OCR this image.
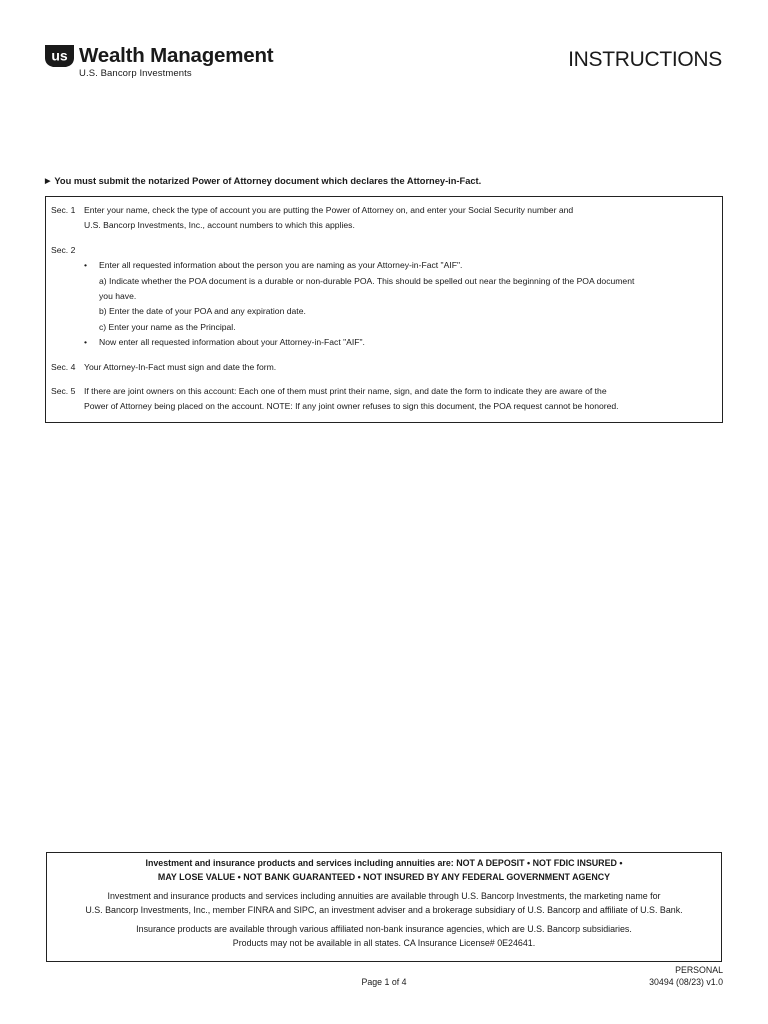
us Wealth Management
U.S. Bancorp Investments
INSTRUCTIONS
▶ You must submit the notarized Power of Attorney document which declares the Attorney-in-Fact.
Sec. 1	Enter your name, check the type of account you are putting the Power of Attorney on, and enter your Social Security number and
U.S. Bancorp Investments, Inc., account numbers to which this applies.
Sec. 2
•	Enter all requested information about the person you are naming as your Attorney-in-Fact "AIF".
a) Indicate whether the POA document is a durable or non-durable POA. This should be spelled out near the beginning of the POA document
you have.
b) Enter the date of your POA and any expiration date.
c) Enter your name as the Principal.
•	Now enter all requested information about your Attorney-in-Fact "AIF".
Sec. 4	Your Attorney-In-Fact must sign and date the form.
Sec. 5	If there are joint owners on this account: Each one of them must print their name, sign, and date the form to indicate they are aware of the
Power of Attorney being placed on the account. NOTE: If any joint owner refuses to sign this document, the POA request cannot be honored.
Investment and insurance products and services including annuities are: NOT A DEPOSIT • NOT FDIC INSURED •
MAY LOSE VALUE • NOT BANK GUARANTEED • NOT INSURED BY ANY FEDERAL GOVERNMENT AGENCY
Investment and insurance products and services including annuities are available through U.S. Bancorp Investments, the marketing name for
U.S. Bancorp Investments, Inc., member FINRA and SIPC, an investment adviser and a brokerage subsidiary of U.S. Bancorp and affiliate of U.S. Bank.
Insurance products are available through various affiliated non-bank insurance agencies, which are U.S. Bancorp subsidiaries.
Products may not be available in all states. CA Insurance License# 0E24641.
Page 1 of 4
PERSONAL
30494 (08/23) v1.0
